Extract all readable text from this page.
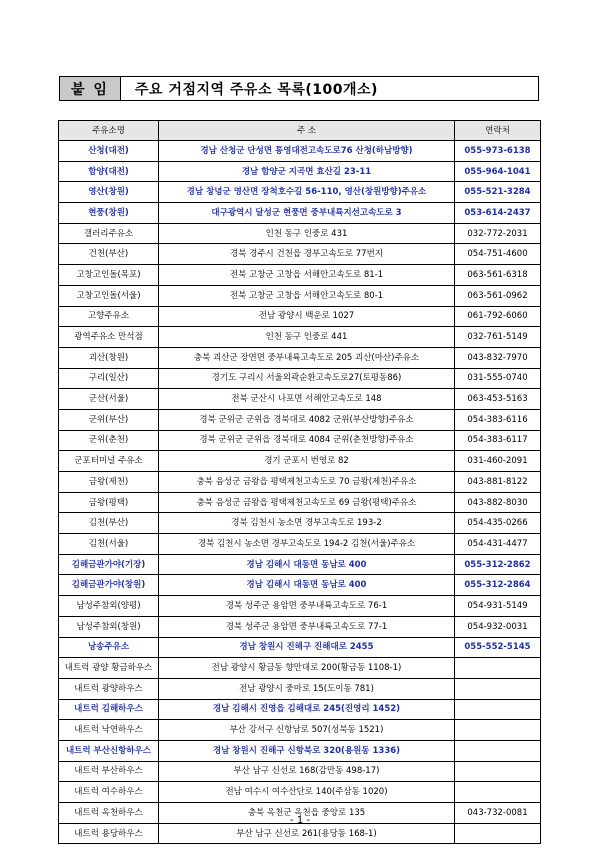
붙 임	주요 거점지역 주유소 목록(100개소)
주유소명	주 소	연락처
산청(대전)	경남 산청군 단성면 통영대전고속도로76 산청(하남방향)	055-973-6138
함양(대전)	경남 함양군 지곡면 효산길 23-11	055-964-1041
영산(창원)	경남 창녕군 영산면 장척호수길 56-110, 영산(창원방향)주유소	055-521-3284
현풍(창원)	대구광역시 달성군 현풍면 중부내륙지선고속도로 3	053-614-2437
갤러리주유소	인천 동구 인중로 431	032-772-2031
건천(부산)	경북 경주시 건천읍 경부고속도로 77번지	054-751-4600
고창고인돌(목포)	전북 고창군 고창읍 서해안고속도로 81-1	063-561-6318
고창고인돌(서울)	전북 고창군 고창읍 서해안고속도로 80-1	063-561-0962
고향주유소	전남 광양시 백운로 1027	061-792-6060
광역주유소 만석점	인천 동구 인중로 441	032-761-5149
괴산(창원)	충북 괴산군 장연면 중부내륙고속도로 205 괴산(마산)주유소	043-832-7970
구리(일산)	경기도 구리시 서울외곽순환고속도로27(토평동86)	031-555-0740
군산(서울)	전북 군산시 나포면 서해안고속도로 148	063-453-5163
군위(부산)	경북 군위군 군위읍 경북대로 4082 군위(부산방향)주유소	054-383-6116
군위(춘천)	경북 군위군 군위읍 경북대로 4084 군위(춘천방향)주유소	054-383-6117
군포터미널 주유소	경기 군포시 번영로 82	031-460-2091
금왕(제천)	충북 음성군 금왕읍 평택제천고속도로 70 금왕(제천)주유소	043-881-8122
금왕(평택)	충북 음성군 금왕읍 평택제천고속도로 69 금왕(평택)주유소	043-882-8030
김천(부산)	경북 김천시 농소면 경부고속도로 193-2	054-435-0266
김천(서울)	경북 김천시 농소면 경부고속도로 194-2 김천(서울)주유소	054-431-4477
김해금관가야(기장)	경남 김해시 대동면 동남로 400	055-312-2862
김해금관가야(창원)	경남 김해시 대동면 동남로 400	055-312-2864
남성주참외(양평)	경북 성주군 용암면 중부내륙고속도로 76-1	054-931-5149
남성주참외(창원)	경북 성주군 용암면 중부내륙고속도로 77-1	054-932-0031
낭송주유소	경남 창원시 진해구 진해대로 2455	055-552-5145
내트럭 광양 황금하우스	전남 광양시 황금동 향만대로 200(황금동 1108-1)	
내트럭 광양하우스	전남 광양시 중마로 15(도이동 781)	
내트럭 김해하우스	경남 김해시 진영읍 김해대로 245(진영리 1452)	
내트럭 낙연하우스	부산 강서구 신항남로 507(성북동 1521)	
내트럭 부산신항하우스	경남 창원시 진해구 신항북로 320(용원동 1336)	
내트럭 부산하우스	부산 남구 신선로 168(감만동 498-17)	
내트럭 여수하우스	전남 여수시 여수산단로 140(주삼동 1020)	
내트럭 옥천하우스	충북 옥천군 옥천읍 중앙로 135	043-732-0081
내트럭 용당하우스	부산 남구 신선로 261(용당동 168-1)	
- 1 -
